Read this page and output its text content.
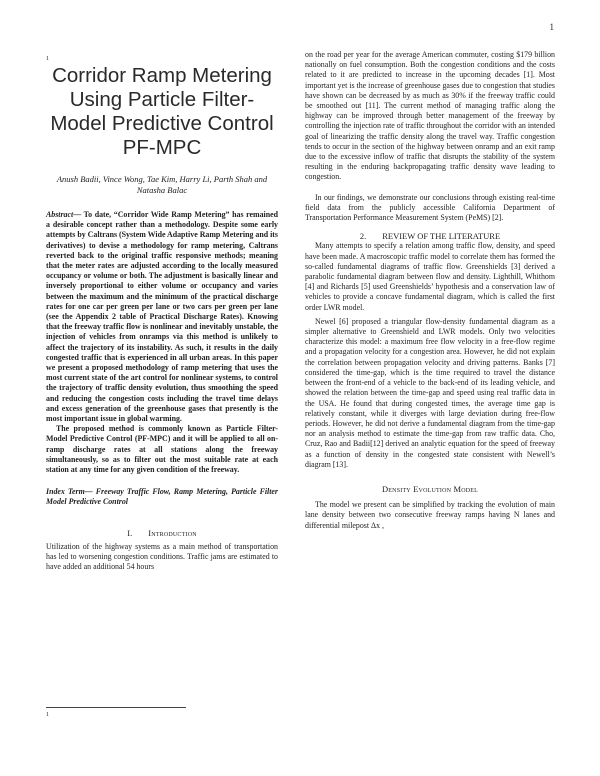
1
1
Corridor Ramp Metering Using Particle Filter-Model Predictive Control PF-MPC
Anush Badii, Vince Wong, Tae Kim, Harry Li, Parth Shah and Natasha Balac

Abstract— To date, “Corridor Wide Ramp Metering” has remained a desirable concept rather than a methodology. Despite some early attempts by Caltrans (System Wide Adaptive Ramp Metering and its derivatives) to devise a methodology for ramp metering, Caltrans reverted back to the original traffic responsive methods; meaning that the meter rates are adjusted according to the locally measured occupancy or volume or both. The adjustment is basically linear and inversely proportional to either volume or occupancy and varies between the maximum and the minimum of the practical discharge rates for one car per green per lane or two cars per green per lane (see the Appendix 2 table of Practical Discharge Rates). Knowing that the freeway traffic flow is nonlinear and inevitably unstable, the injection of vehicles from onramps via this method is unlikely to affect the trajectory of its instability. As such, it results in the daily congested traffic that is experienced in all urban areas. In this paper we present a proposed methodology of ramp metering that uses the most current state of the art control for nonlinear systems, to control the trajectory of traffic density evolution, thus smoothing the speed and reducing the congestion costs including the travel time delays and excess generation of the greenhouse gases that presently is the most important issue in global warming.

The proposed method is commonly known as Particle Filter-Model Predictive Control (PF-MPC) and it will be applied to all on-ramp discharge rates at all stations along the freeway simultaneously, so as to filter out the most suitable rate at each station at any time for any given condition of the freeway.

Index Term— Freeway Traffic Flow, Ramp Metering, Particle Filter Model Predictive Control
I. Introduction

Utilization of the highway systems as a main method of transportation has led to worsening congestion conditions. Traffic jams are estimated to have added an additional 54 hours

1

on the road per year for the average American commuter, costing $179 billion nationally on fuel consumption. Both the congestion conditions and the costs related to it are predicted to increase in the upcoming decades [1]. Most important yet is the increase of greenhouse gases due to congestion that studies have shown can be decreased by as much as 30% if the freeway traffic could be smoothed out [11]. The current method of managing traffic along the highway can be improved through better management of the freeway by controlling the injection rate of traffic throughout the corridor with an intended goal of linearizing the traffic density along the travel way. Traffic congestion tends to occur in the section of the highway between onramp and an exit ramp due to the excessive inflow of traffic that disrupts the stability of the system resulting in the enduring backpropagating traffic density wave leading to congestion.

In our findings, we demonstrate our conclusions through existing real-time field data from the publicly accessible California Department of Transportation Performance Measurement System (PeMS) [2].

2. REVIEW OF THE LITERATURE

Many attempts to specify a relation among traffic flow, density, and speed have been made. A macroscopic traffic model to correlate them has formed the so-called fundamental diagrams of traffic flow. Greenshields [3] derived a parabolic fundamental diagram between flow and density. Lighthill, Whithom [4] and Richards [5] used Greenshields’ hypothesis and a conservation law of vehicles to provide a concave fundamental diagram, which is called the first order LWR model.

Newel [6] proposed a triangular flow-density fundamental diagram as a simpler alternative to Greenshield and LWR models. Only two velocities characterize this model: a maximum free flow velocity in a free-flow regime and a propagation velocity for a congestion area. However, he did not explain the correlation between propagation velocity and driving patterns. Banks [7] considered the time-gap, which is the time required to travel the distance between the front-end of a vehicle to the back-end of its leading vehicle, and showed the relation between the time-gap and speed using real traffic data in the USA. He found that during congested times, the average time gap is relatively constant, while it diverges with large deviation during free-flow periods. However, he did not derive a fundamental diagram from the time-gap nor an analysis method to estimate the time-gap from raw traffic data. Cho, Cruz, Rao and Badii[12] derived an analytic equation for the speed of freeway as a function of density in the congested state consistent with Newell’s diagram [13].

Density Evolution Model

The model we present can be simplified by tracking the evolution of main lane density between two consecutive freeway ramps having N lanes and differential milepost Δx ,
